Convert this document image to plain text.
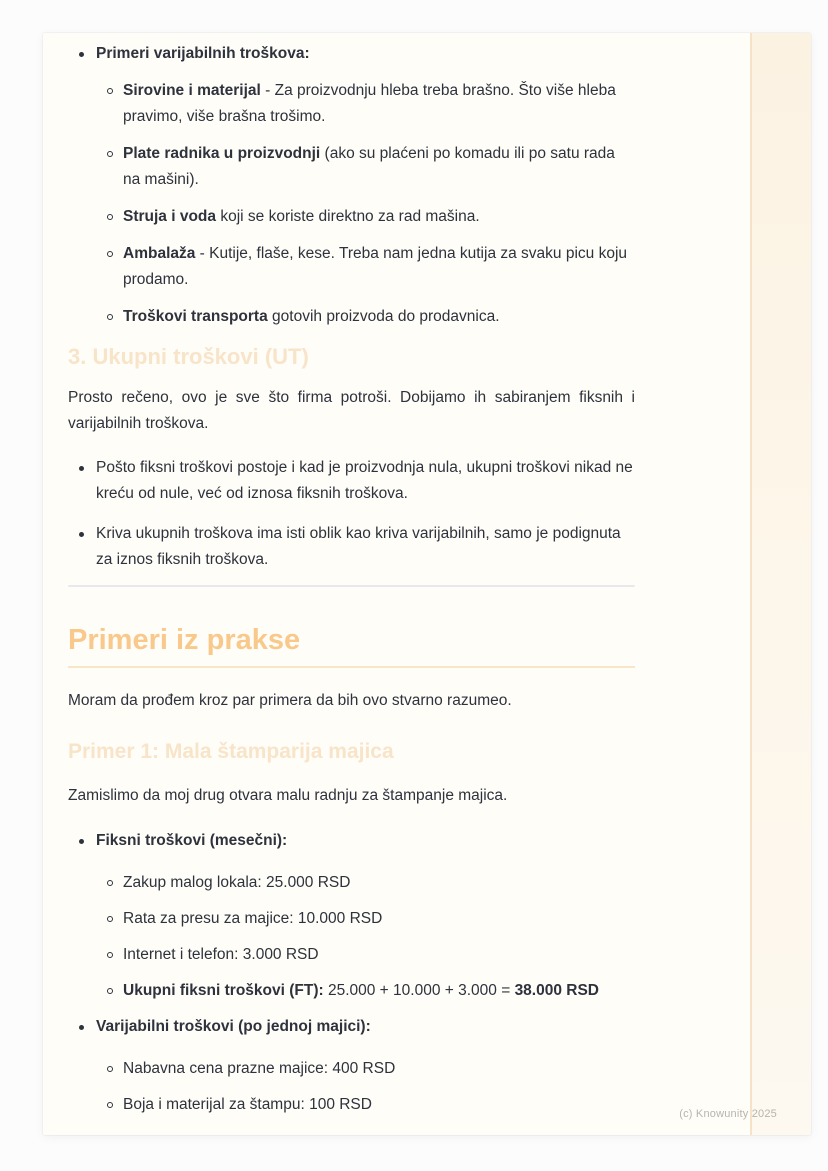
Primeri varijabilnih troškova:
Sirovine i materijal - Za proizvodnju hleba treba brašno. Što više hleba pravimo, više brašna trošimo.
Plate radnika u proizvodnji (ako su plaćeni po komadu ili po satu rada na mašini).
Struja i voda koji se koriste direktno za rad mašina.
Ambalaža - Kutije, flaše, kese. Treba nam jedna kutija za svaku picu koju prodamo.
Troškovi transporta gotovih proizvoda do prodavnica.
3. Ukupni troškovi (UT)

Prosto rečeno, ovo je sve što firma potroši. Dobijamo ih sabiranjem fiksnih i varijabilnih troškova.

Pošto fiksni troškovi postoje i kad je proizvodnja nula, ukupni troškovi nikad ne kreću od nule, već od iznosa fiksnih troškova.
Kriva ukupnih troškova ima isti oblik kao kriva varijabilnih, samo je podignuta za iznos fiksnih troškova.
Primeri iz prakse

Moram da prođem kroz par primera da bih ovo stvarno razumeo.

Primer 1: Mala štamparija majica

Zamislimo da moj drug otvara malu radnju za štampanje majica.

Fiksni troškovi (mesečni):
Zakup malog lokala: 25.000 RSD
Rata za presu za majice: 10.000 RSD
Internet i telefon: 3.000 RSD
Ukupni fiksni troškovi (FT): 25.000 + 10.000 + 3.000 = 38.000 RSD
Varijabilni troškovi (po jednoj majici):
Nabavna cena prazne majice: 400 RSD
Boja i materijal za štampu: 100 RSD
(c) Knowunity 2025
